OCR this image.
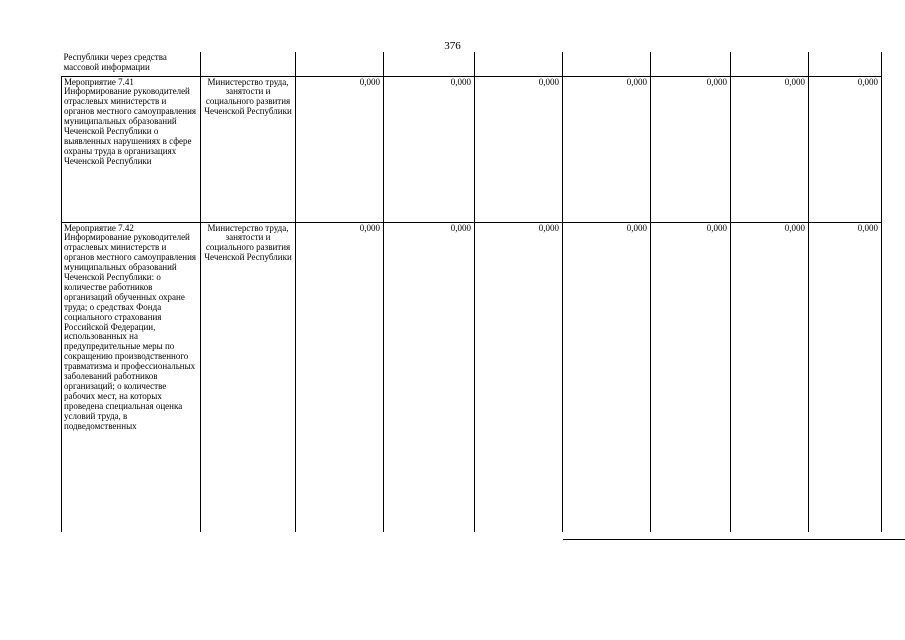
376
Республики через средства массовой информации								
Мероприятие 7.41 Информирование руководителей отраслевых министерств и органов местного самоуправления муниципальных образований Чеченской Республики о выявленных нарушениях в сфере охраны труда в организациях Чеченской Республики	Министерство труда, занятости и социального развития Чеченской Республики	0,000	0,000	0,000	0,000	0,000	0,000	0,000
Мероприятие 7.42 Информирование руководителей отраслевых министерств и органов местного самоуправления муниципальных образований Чеченской Республики: о количестве работников организаций обученных охране труда; о средствах Фонда социального страхования Российской Федерации, использованных на предупредительные меры по сокращению производственного травматизма и профессиональных заболеваний работников организаций; о количестве рабочих мест, на которых проведена специальная оценка условий труда, в подведомственных	Министерство труда, занятости и социального развития Чеченской Республики	0,000	0,000	0,000	0,000	0,000	0,000	0,000
